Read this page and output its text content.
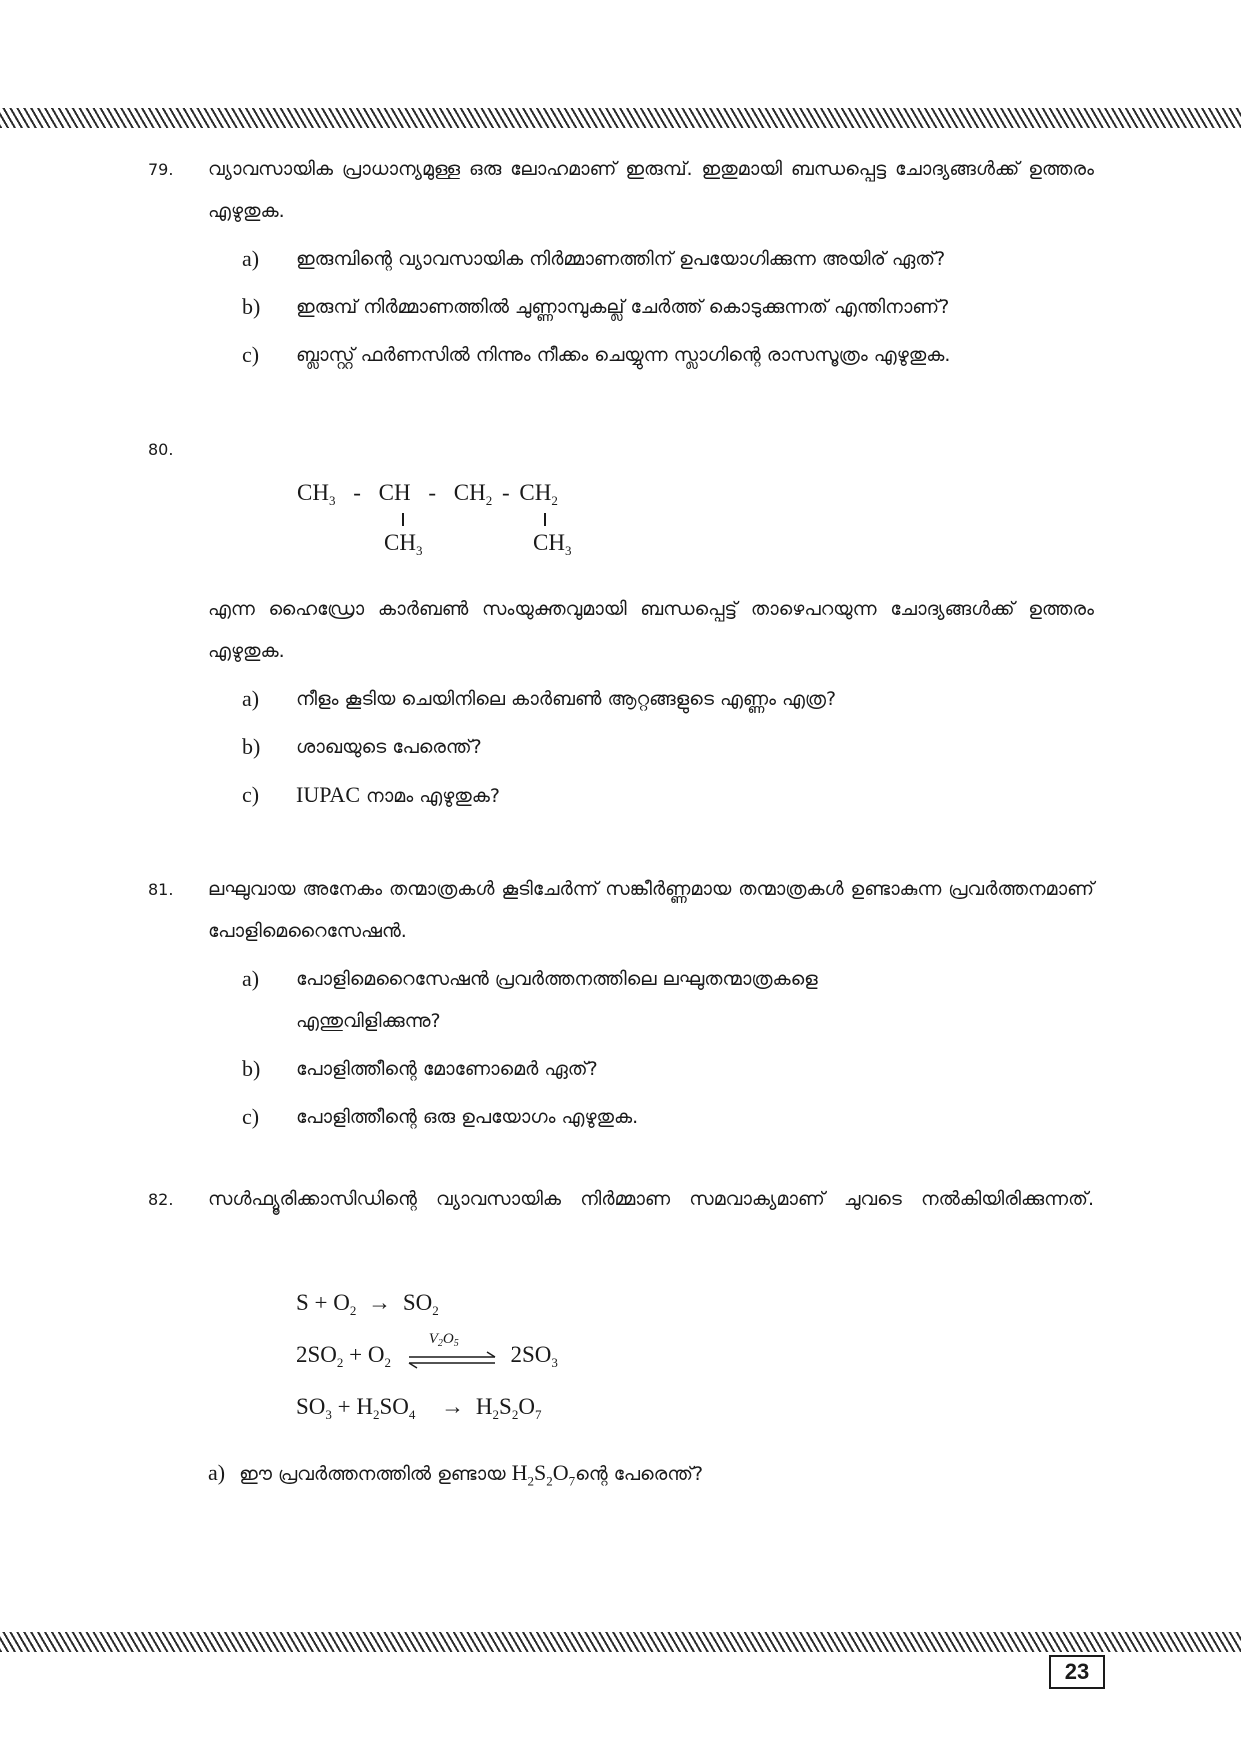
79. വ്യാവസായിക പ്രാധാന്യമുള്ള ഒരു ലോഹമാണ് ഇരുമ്പ്. ഇതുമായി ബന്ധപ്പെട്ട ചോദ്യങ്ങൾക്ക് ഉത്തരം എഴുതുക.
a) ഇരുമ്പിന്റെ വ്യാവസായിക നിർമ്മാണത്തിന് ഉപയോഗിക്കുന്ന അയിര് ഏത്?
b) ഇരുമ്പ് നിർമ്മാണത്തിൽ ചുണ്ണാമ്പുകല്ല് ചേർത്ത് കൊടുക്കുന്നത് എന്തിനാണ്?
c) ബ്ലാസ്റ്റ് ഫർണസിൽ നിന്നും നീക്കം ചെയ്യുന്ന സ്ലാഗിന്റെ രാസസൂത്രം എഴുതുക.
80.
$CH_3$ - CH - $CH_2 - CH_2$
$CH_3$	$CH_3$
എന്ന ഹൈഡ്രോ കാർബൺ സംയുക്തവുമായി ബന്ധപ്പെട്ട് താഴെപറയുന്ന ചോദ്യങ്ങൾക്ക് ഉത്തരം എഴുതുക.
a) നീളം കൂടിയ ചെയിനിലെ കാർബൺ ആറ്റങ്ങളുടെ എണ്ണം എത്ര?
b) ശാഖയുടെ പേരെന്ത്?
c) IUPAC നാമം എഴുതുക?
81. ലഘുവായ അനേകം തന്മാത്രകൾ കൂടിചേർന്ന് സങ്കീർണ്ണമായ തന്മാത്രകൾ ഉണ്ടാകുന്ന പ്രവർത്തനമാണ് പോളിമെറൈസേഷൻ.
a) പോളിമെറൈസേഷൻ പ്രവർത്തനത്തിലെ ലഘുതന്മാത്രകളെ
എന്തുവിളിക്കുന്നു?
b) പോളിത്തീന്റെ മോണോമെർ ഏത്?
c) പോളിത്തീന്റെ ഒരു ഉപയോഗം എഴുതുക.
82. സൾഫ്യൂരിക്കാസിഡിന്റെ വ്യാവസായിക നിർമ്മാണ സമവാക്യമാണ് ചുവടെ നൽകിയിരിക്കുന്നത്.
$S + O_2 \to SO_2$
$2SO_2 + O_2$
$V_2O_5$ $2SO_3$
$SO_3 + H_2SO_4 \to H_2S_2O_7$
a) ഈ പ്രവർത്തനത്തിൽ ഉണ്ടായ $H_2S_2O_7ന്റെ$ പേരെന്ത്?
23
